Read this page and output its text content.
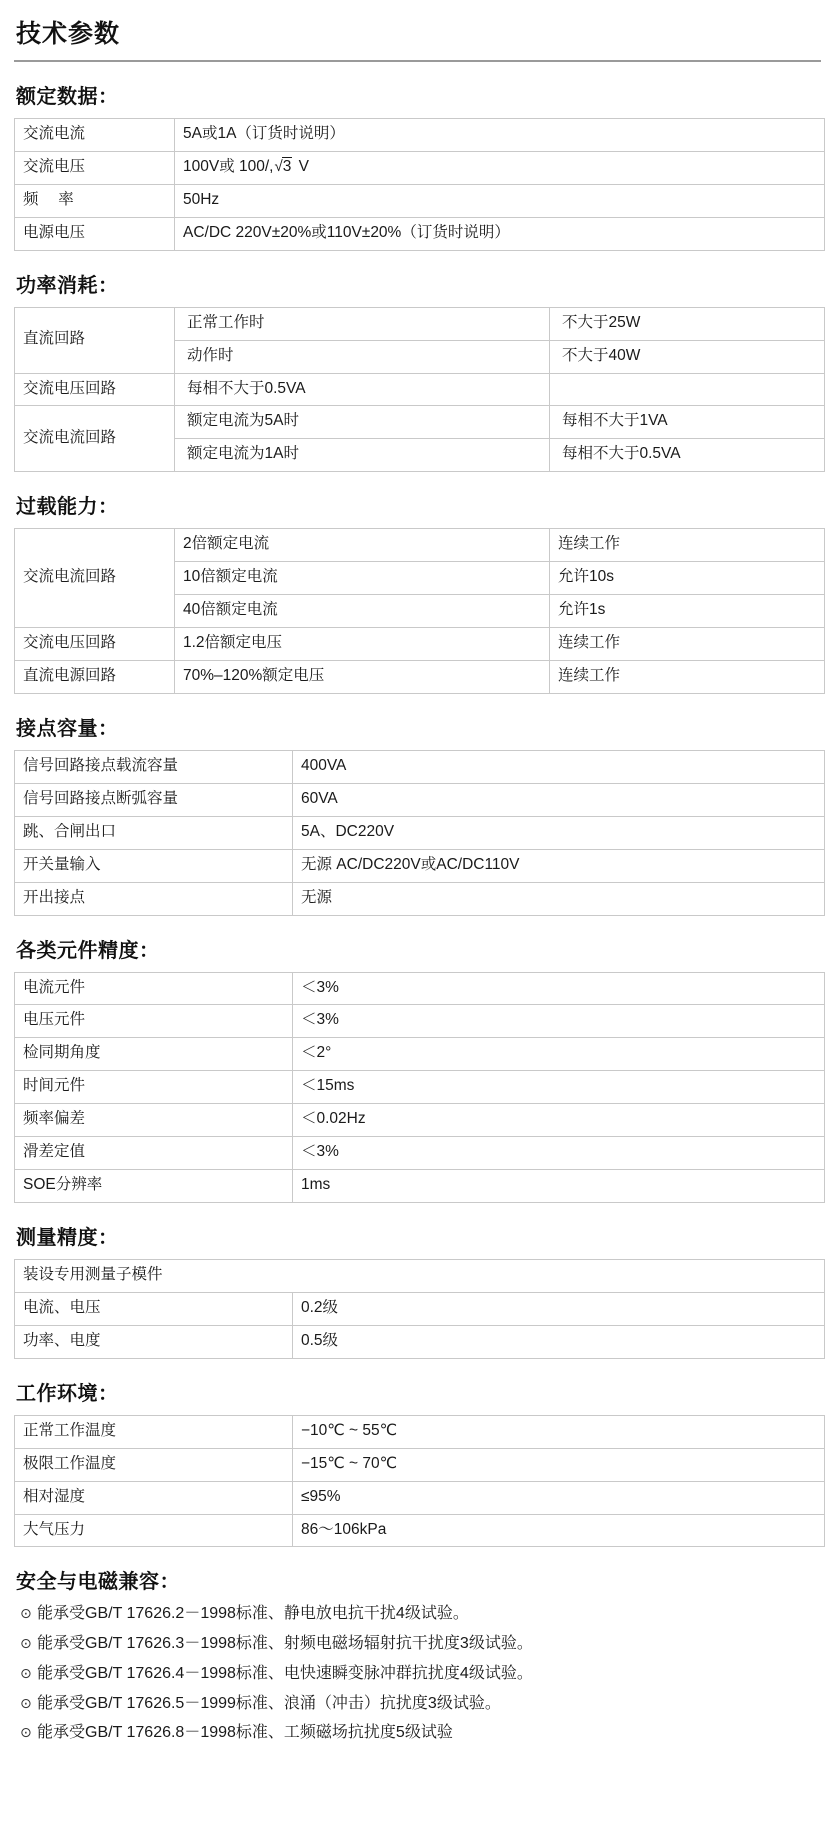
技术参数
额定数据：
交流电流	5A或1A（订货时说明）
交流电压	100V或 100/,√3 V
频　 率	50Hz
电源电压	AC/DC 220V±20%或110V±20%（订货时说明）
功率消耗：
直流回路	正常工作时	不大于25W
	动作时	不大于40W
交流电压回路	每相不大于0.5VA	
交流电流回路	额定电流为5A时	每相不大于1VA
	额定电流为1A时	每相不大于0.5VA
过载能力：
交流电流回路	2倍额定电流	连续工作
	10倍额定电流	允许10s
	40倍额定电流	允许1s
交流电压回路	1.2倍额定电压	连续工作
直流电源回路	70%–120%额定电压	连续工作
接点容量：
信号回路接点载流容量	400VA
信号回路接点断弧容量	60VA
跳、合闸出口	5A、DC220V
开关量输入	无源 AC/DC220V或AC/DC110V
开出接点	无源
各类元件精度：
电流元件	＜3%
电压元件	＜3%
检同期角度	＜2°
时间元件	＜15ms
频率偏差	＜0.02Hz
滑差定值	＜3%
SOE分辨率	1ms
测量精度：
装设专用测量子模件	
电流、电压	0.2级
功率、电度	0.5级
工作环境：
正常工作温度	−10℃ ~ 55℃
极限工作温度	−15℃ ~ 70℃
相对湿度	≤95%
大气压力	86～106kPa
安全与电磁兼容：
⊙ 能承受GB/T 17626.2－1998标准、静电放电抗干扰4级试验。
⊙ 能承受GB/T 17626.3－1998标准、射频电磁场辐射抗干扰度3级试验。
⊙ 能承受GB/T 17626.4－1998标准、电快速瞬变脉冲群抗扰度4级试验。
⊙ 能承受GB/T 17626.5－1999标准、浪涌（冲击）抗扰度3级试验。
⊙ 能承受GB/T 17626.8－1998标准、工频磁场抗扰度5级试验
